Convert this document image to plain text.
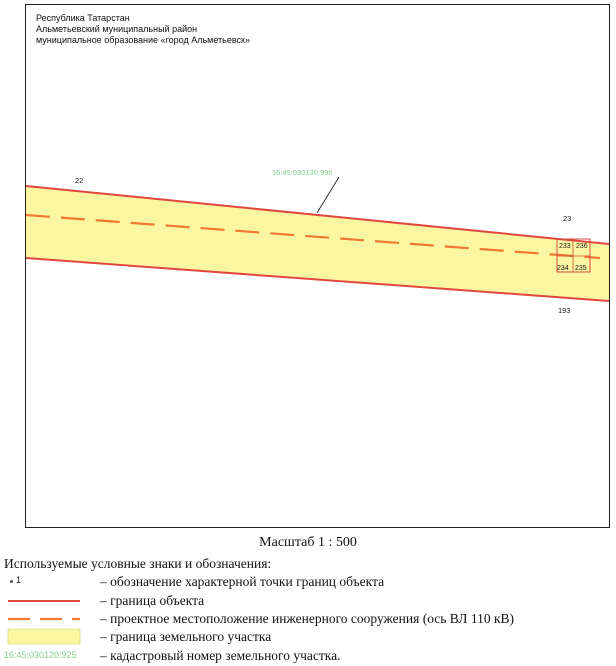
Республика Татарстан
Альметьевский муниципальный район
муниципальное образование «город Альметьевск»
16:45:030130:996
22
23
193
233 236
234 235
Масштаб 1 : 500
Используемые условные знаки и обозначения:
1	– обозначение характерной точки границ объекта
– граница объекта
– проектное местоположение инженерного сооружения (ось ВЛ 110 кВ)
– граница земельного участка
16:45:030120:925 – кадастровый номер земельного участка.
